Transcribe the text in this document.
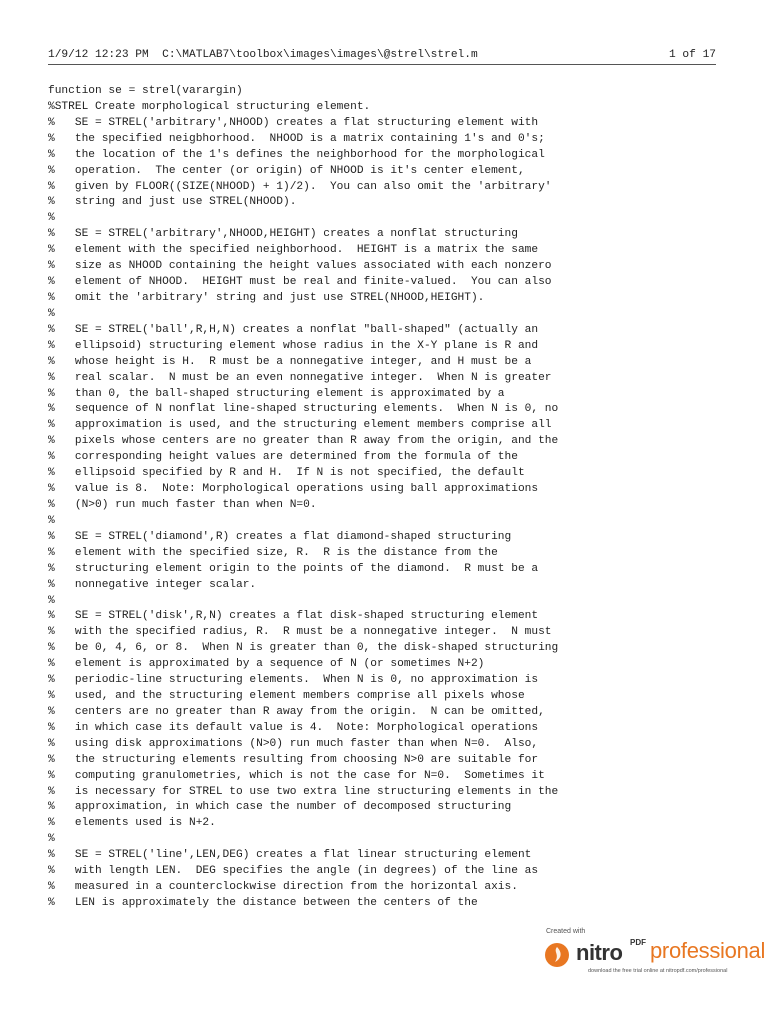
1/9/12 12:23 PM  C:\MATLAB7\toolbox\images\images\@strel\strel.m

	1 of 17

function se = strel(varargin)
%STREL Create morphological structuring element.
%   SE = STREL('arbitrary',NHOOD) creates a flat structuring element with
%   the specified neigbhorhood.  NHOOD is a matrix containing 1's and 0's;
%   the location of the 1's defines the neighborhood for the morphological
%   operation.  The center (or origin) of NHOOD is it's center element,
%   given by FLOOR((SIZE(NHOOD) + 1)/2).  You can also omit the 'arbitrary'
%   string and just use STREL(NHOOD).
%
%   SE = STREL('arbitrary',NHOOD,HEIGHT) creates a nonflat structuring
%   element with the specified neighborhood.  HEIGHT is a matrix the same
%   size as NHOOD containing the height values associated with each nonzero
%   element of NHOOD.  HEIGHT must be real and finite-valued.  You can also
%   omit the 'arbitrary' string and just use STREL(NHOOD,HEIGHT).
%
%   SE = STREL('ball',R,H,N) creates a nonflat "ball-shaped" (actually an
%   ellipsoid) structuring element whose radius in the X-Y plane is R and
%   whose height is H.  R must be a nonnegative integer, and H must be a
%   real scalar.  N must be an even nonnegative integer.  When N is greater
%   than 0, the ball-shaped structuring element is approximated by a
%   sequence of N nonflat line-shaped structuring elements.  When N is 0, no
%   approximation is used, and the structuring element members comprise all
%   pixels whose centers are no greater than R away from the origin, and the
%   corresponding height values are determined from the formula of the
%   ellipsoid specified by R and H.  If N is not specified, the default
%   value is 8.  Note: Morphological operations using ball approximations
%   (N>0) run much faster than when N=0.
%
%   SE = STREL('diamond',R) creates a flat diamond-shaped structuring
%   element with the specified size, R.  R is the distance from the
%   structuring element origin to the points of the diamond.  R must be a
%   nonnegative integer scalar.
%
%   SE = STREL('disk',R,N) creates a flat disk-shaped structuring element
%   with the specified radius, R.  R must be a nonnegative integer.  N must
%   be 0, 4, 6, or 8.  When N is greater than 0, the disk-shaped structuring
%   element is approximated by a sequence of N (or sometimes N+2)
%   periodic-line structuring elements.  When N is 0, no approximation is
%   used, and the structuring element members comprise all pixels whose
%   centers are no greater than R away from the origin.  N can be omitted,
%   in which case its default value is 4.  Note: Morphological operations
%   using disk approximations (N>0) run much faster than when N=0.  Also,
%   the structuring elements resulting from choosing N>0 are suitable for
%   computing granulometries, which is not the case for N=0.  Sometimes it
%   is necessary for STREL to use two extra line structuring elements in the
%   approximation, in which case the number of decomposed structuring
%   elements used is N+2.
%
%   SE = STREL('line',LEN,DEG) creates a flat linear structuring element
%   with length LEN.  DEG specifies the angle (in degrees) of the line as
%   measured in a counterclockwise direction from the horizontal axis.
%   LEN is approximately the distance between the centers of the
Created with
nitro PDF professional
download the free trial online at nitropdf.com/professional
